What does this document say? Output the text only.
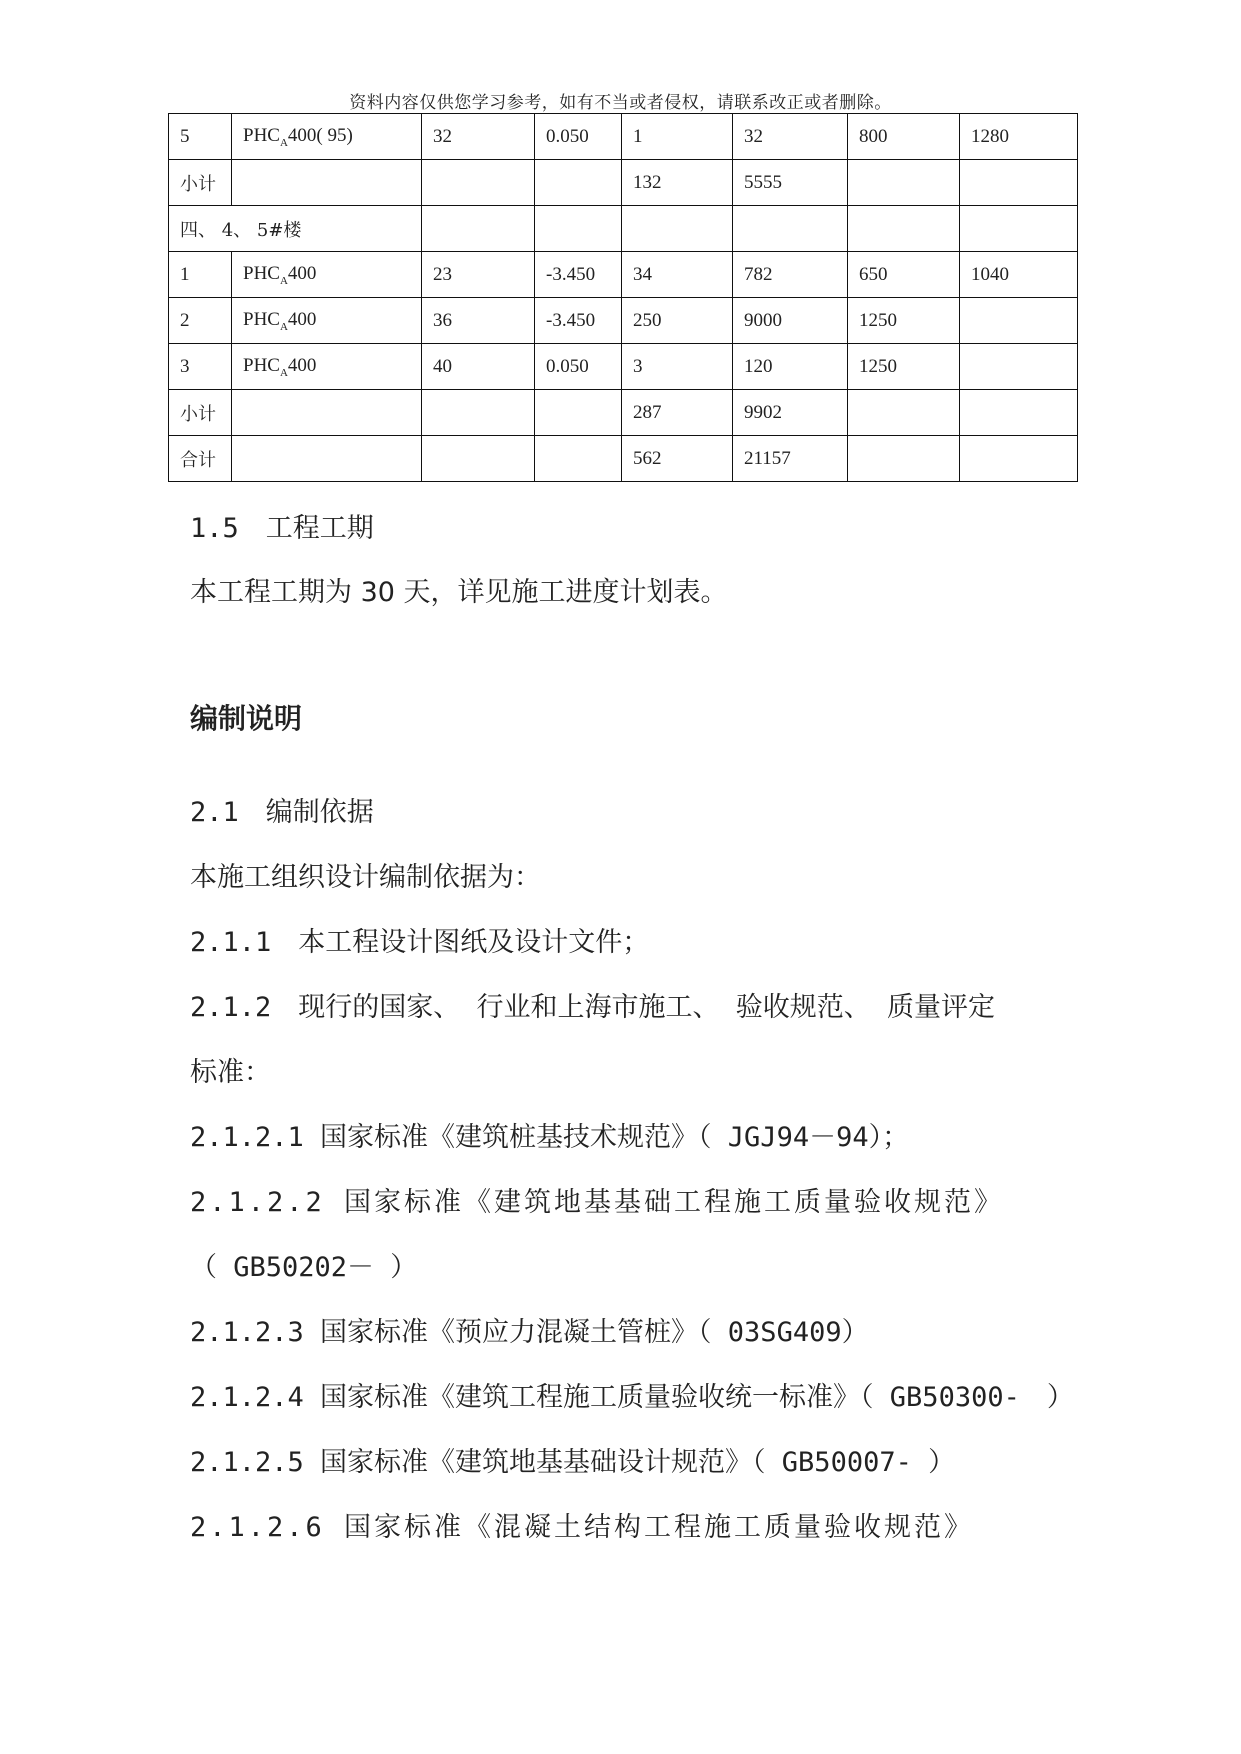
资料内容仅供您学习参考，如有不当或者侵权，请联系改正或者删除。
5	$PHC_A400$( 95)	32	0.050	1	32	800	1280
小计				132	5555		
四、 4、 5#楼							
1	$PHC_A400$	23	-3.450	34	782	650	1040
2	$PHC_A400$	36	-3.450	250	9000	1250	
3	$PHC_A400$	40	0.050	3	120	1250	
小计				287	9902		
合计				562	21157		
1.5　工程工期
本工程工期为 30 天，详见施工进度计划表。
编制说明
2.1　编制依据
本施工组织设计编制依据为：
2.1.1　本工程设计图纸及设计文件；
2.1.2　现行的国家、 行业和上海市施工、 验收规范、 质量评定
标准：
2.1.2.1 国家标准《建筑桩基技术规范》（ JGJ94－94）；
2.1.2.2 国家标准《建筑地基基础工程施工质量验收规范》
（ GB50202－ ）
2.1.2.3 国家标准《预应力混凝土管桩》（ 03SG409）
2.1.2.4 国家标准《建筑工程施工质量验收统一标准》（ GB50300-　）
2.1.2.5 国家标准《建筑地基基础设计规范》（ GB50007- ）
2.1.2.6 国家标准《混凝土结构工程施工质量验收规范》
